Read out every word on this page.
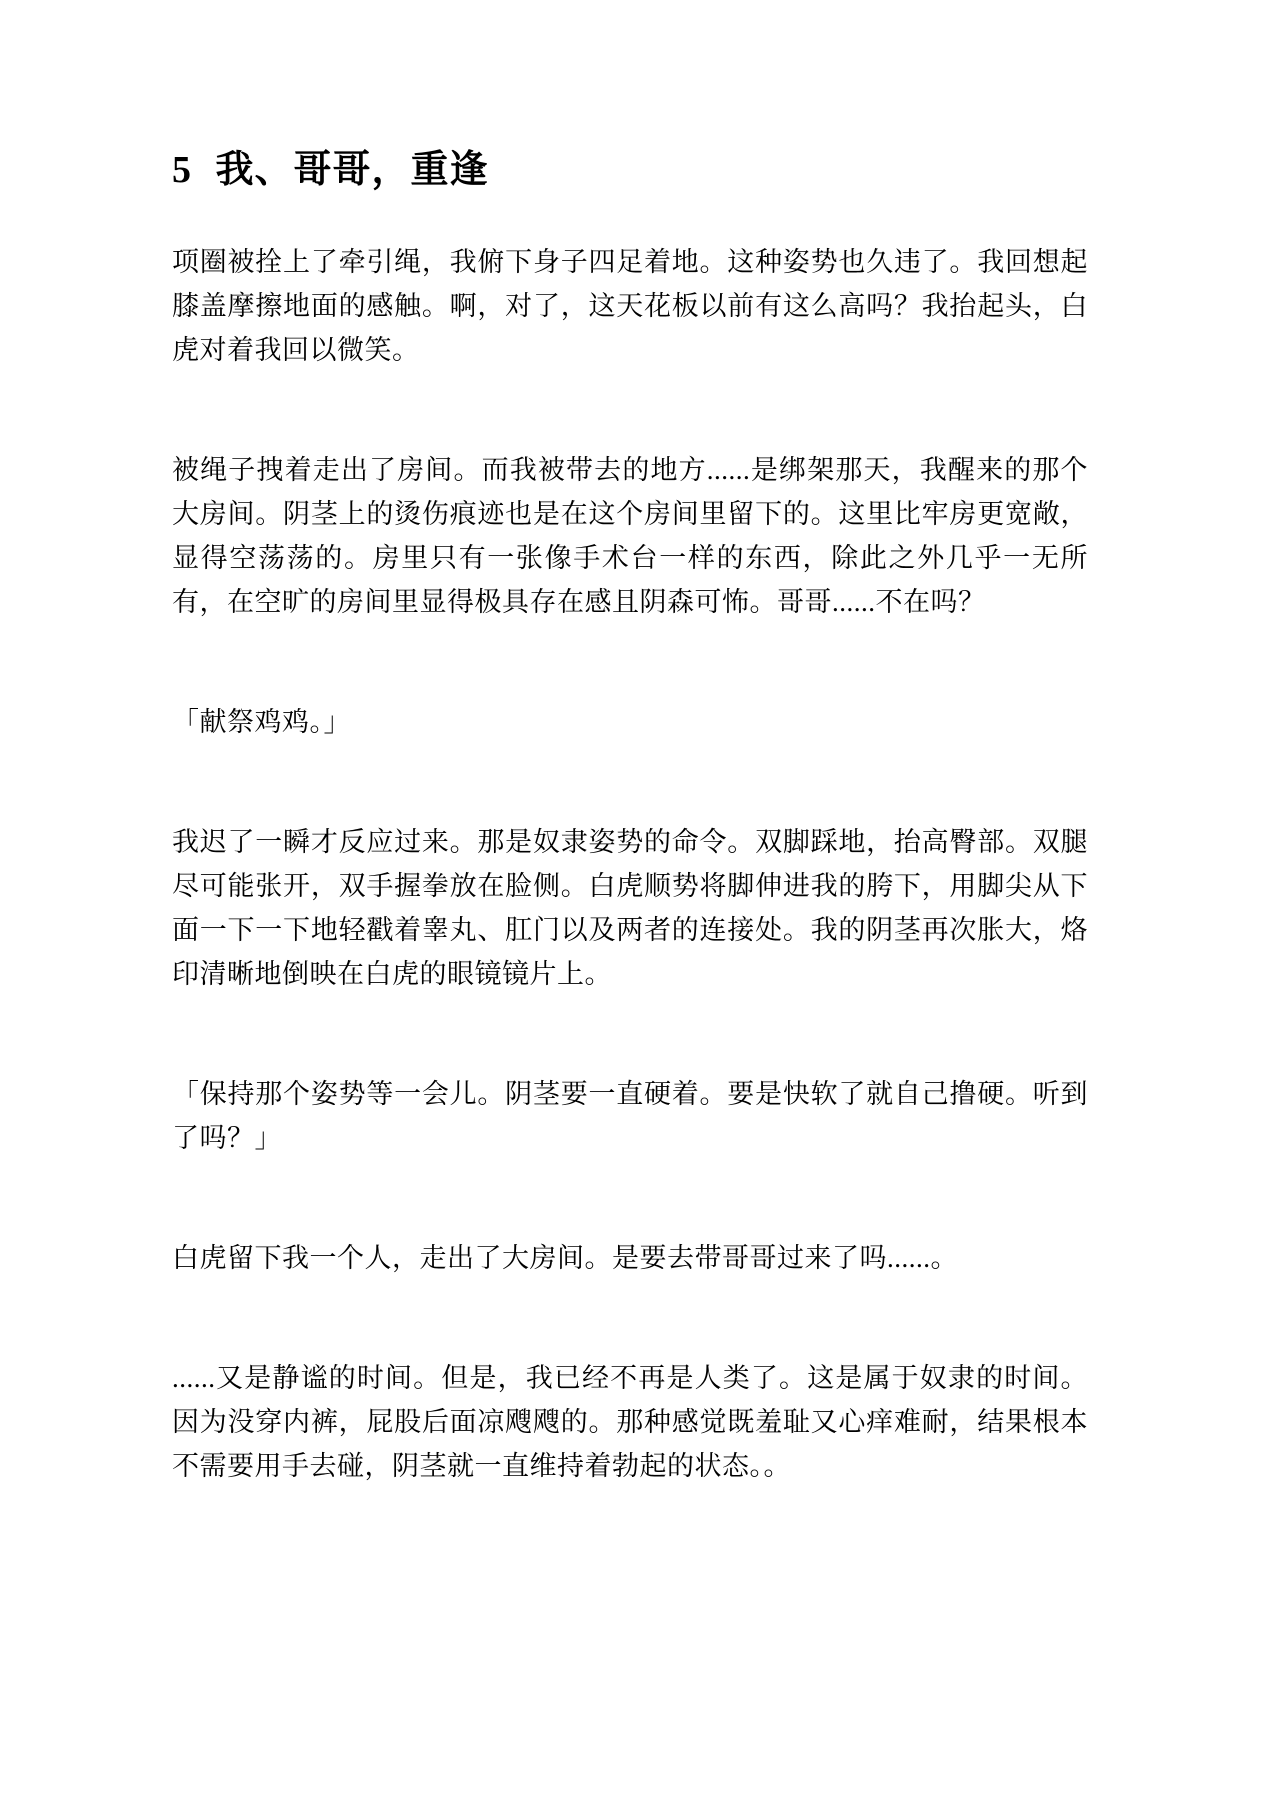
5 我、哥哥，重逢

项圈被拴上了牵引绳，我俯下身子四足着地。这种姿势也久违了。我回想起膝盖摩擦地面的感触。啊，对了，这天花板以前有这么高吗？我抬起头，白虎对着我回以微笑。

被绳子拽着走出了房间。而我被带去的地方......是绑架那天，我醒来的那个大房间。阴茎上的烫伤痕迹也是在这个房间里留下的。这里比牢房更宽敞，显得空荡荡的。房里只有一张像手术台一样的东西，除此之外几乎一无所有，在空旷的房间里显得极具存在感且阴森可怖。哥哥......不在吗？

「献祭鸡鸡。」

我迟了一瞬才反应过来。那是奴隶姿势的命令。双脚踩地，抬高臀部。双腿尽可能张开，双手握拳放在脸侧。白虎顺势将脚伸进我的胯下，用脚尖从下面一下一下地轻戳着睾丸、肛门以及两者的连接处。我的阴茎再次胀大，烙印清晰地倒映在白虎的眼镜镜片上。

「保持那个姿势等一会儿。阴茎要一直硬着。要是快软了就自己撸硬。听到了吗？」

白虎留下我一个人，走出了大房间。是要去带哥哥过来了吗......。

......又是静谧的时间。但是，我已经不再是人类了。这是属于奴隶的时间。因为没穿内裤，屁股后面凉飕飕的。那种感觉既羞耻又心痒难耐，结果根本不需要用手去碰，阴茎就一直维持着勃起的状态。。
